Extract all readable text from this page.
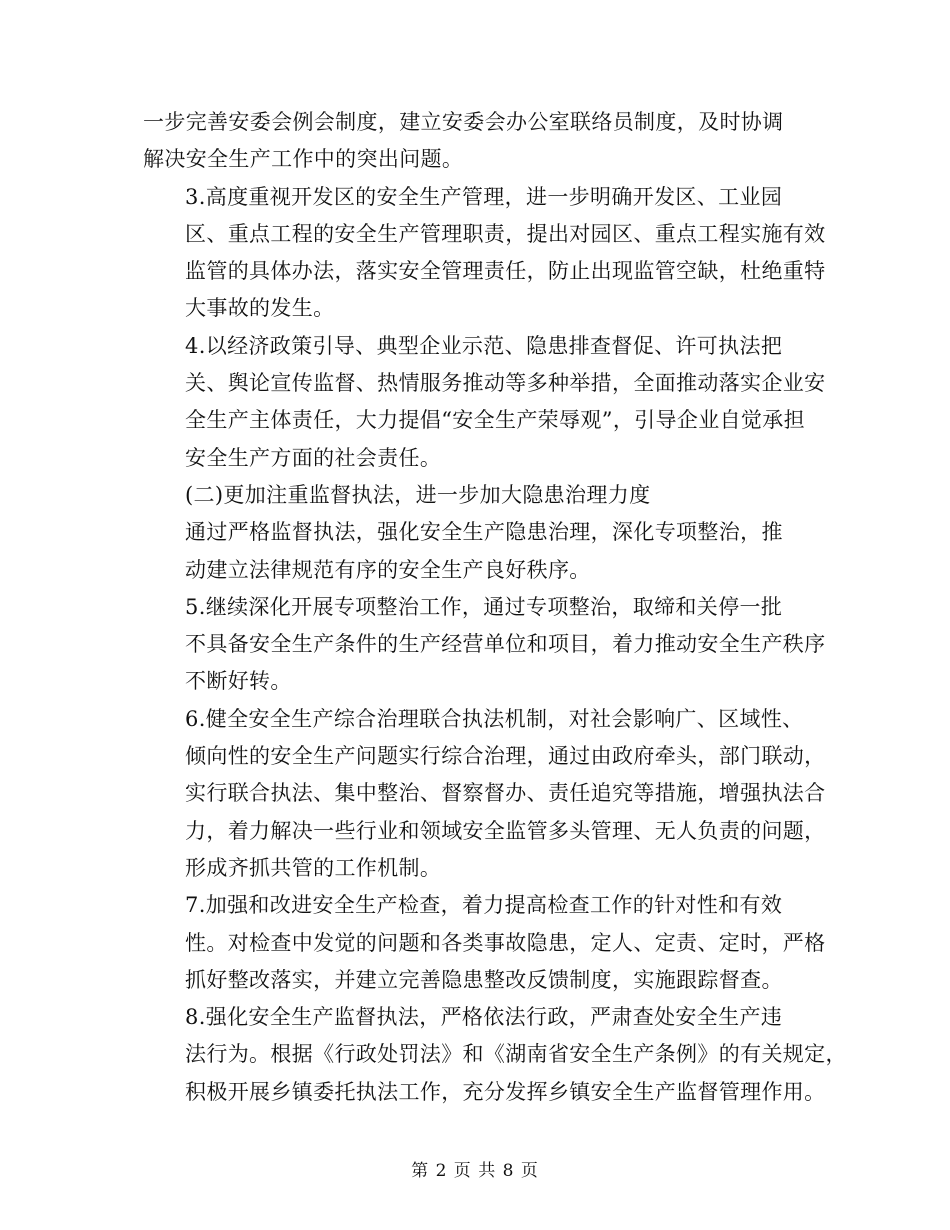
一步完善安委会例会制度，建立安委会办公室联络员制度，及时协调
解决安全生产工作中的突出问题。

3.高度重视开发区的安全生产管理，进一步明确开发区、工业园
区、重点工程的安全生产管理职责，提出对园区、重点工程实施有效
监管的具体办法，落实安全管理责任，防止出现监管空缺，杜绝重特
大事故的发生。

4.以经济政策引导、典型企业示范、隐患排查督促、许可执法把
关、舆论宣传监督、热情服务推动等多种举措，全面推动落实企业安
全生产主体责任，大力提倡“安全生产荣辱观”，引导企业自觉承担
安全生产方面的社会责任。

(二)更加注重监督执法，进一步加大隐患治理力度

通过严格监督执法，强化安全生产隐患治理，深化专项整治，推
动建立法律规范有序的安全生产良好秩序。

5.继续深化开展专项整治工作，通过专项整治，取缔和关停一批
不具备安全生产条件的生产经营单位和项目，着力推动安全生产秩序
不断好转。

6.健全安全生产综合治理联合执法机制，对社会影响广、区域性、
倾向性的安全生产问题实行综合治理，通过由政府牵头，部门联动，
实行联合执法、集中整治、督察督办、责任追究等措施，增强执法合
力，着力解决一些行业和领域安全监管多头管理、无人负责的问题，
形成齐抓共管的工作机制。

7.加强和改进安全生产检查，着力提高检查工作的针对性和有效
性。对检查中发觉的问题和各类事故隐患，定人、定责、定时，严格
抓好整改落实，并建立完善隐患整改反馈制度，实施跟踪督查。

8.强化安全生产监督执法，严格依法行政，严肃查处安全生产违
法行为。根据《行政处罚法》和《湖南省安全生产条例》的有关规定，
积极开展乡镇委托执法工作，充分发挥乡镇安全生产监督管理作用。

第 2 页 共 8 页
